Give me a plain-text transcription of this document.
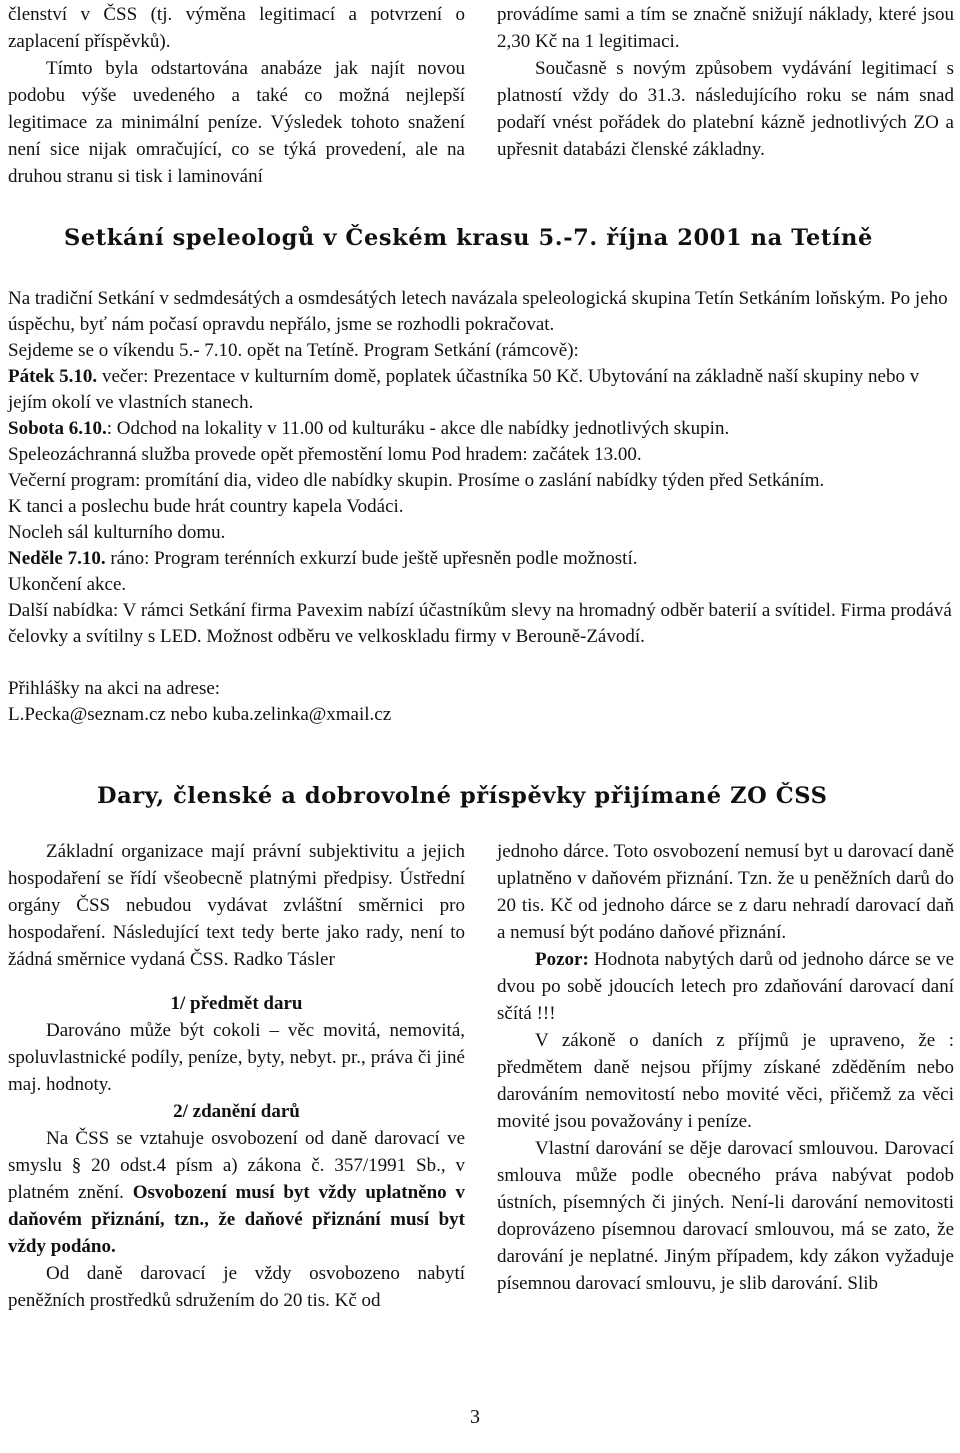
členství v ČSS (tj. výměna legitimací a potvrzení o zaplacení příspěvků).

Tímto byla odstartována anabáze jak najít novou podobu výše uvedeného a také co možná nejlepší legitimace za minimální peníze. Výsledek tohoto snažení není sice nijak omračující, co se týká provedení, ale na druhou stranu si tisk i laminování

provádíme sami a tím se značně snižují náklady, které jsou 2,30 Kč na 1 legitimaci.

Současně s novým způsobem vydávání legitimací s platností vždy do 31.3. následujícího roku se nám snad podaří vnést pořádek do platební kázně jednotlivých ZO a upřesnit databázi členské základny.

Setkání speleologů v Českém krasu 5.-7. října 2001 na Tetíně

Na tradiční Setkání v sedmdesátých a osmdesátých letech navázala speleologická skupina Tetín Setkáním loňským. Po jeho úspěchu, byť nám počasí opravdu nepřálo, jsme se rozhodli pokračovat.

Sejdeme se o víkendu 5.- 7.10. opět na Tetíně. Program Setkání (rámcově):

Pátek 5.10. večer: Prezentace v kulturním domě, poplatek účastníka 50 Kč. Ubytování na základně naší skupiny nebo v jejím okolí ve vlastních stanech.

Sobota 6.10.: Odchod na lokality v 11.00 od kulturáku - akce dle nabídky jednotlivých skupin.

Speleozáchranná služba provede opět přemostění lomu Pod hradem: začátek 13.00.

Večerní program: promítání dia, video dle nabídky skupin. Prosíme o zaslání nabídky týden před Setkáním.

K tanci a poslechu bude hrát country kapela Vodáci.

Nocleh sál kulturního domu.

Neděle 7.10. ráno: Program terénních exkurzí bude ještě upřesněn podle možností.

Ukončení akce.

Další nabídka: V rámci Setkání firma Pavexim nabízí účastníkům slevy na hromadný odběr baterií a svítidel. Firma prodává čelovky a svítilny s LED. Možnost odběru ve velkoskladu firmy v Berouně-Závodí.

Přihlášky na akci na adrese:

L.Pecka@seznam.cz nebo kuba.zelinka@xmail.cz

Dary, členské a dobrovolné příspěvky přijímané ZO ČSS

Základní organizace mají právní subjektivitu a jejich hospodaření se řídí všeobecně platnými předpisy. Ústřední orgány ČSS nebudou vydávat zvláštní směrnici pro hospodaření. Následující text tedy berte jako rady, není to žádná směrnice vydaná ČSS. Radko Tásler

1/ předmět daru

Darováno může být cokoli – věc movitá, nemovitá, spoluvlastnické podíly, peníze, byty, nebyt. pr., práva či jiné maj. hodnoty.

2/ zdanění darů

Na ČSS se vztahuje osvobození od daně darovací ve smyslu § 20 odst.4 písm a) zákona č. 357/1991 Sb., v platném znění. Osvobození musí byt vždy uplatněno v daňovém přiznání, tzn., že daňové přiznání musí byt vždy podáno.

Od daně darovací je vždy osvobozeno nabytí peněžních prostředků sdružením do 20 tis. Kč od

jednoho dárce. Toto osvobození nemusí byt u darovací daně uplatněno v daňovém přiznání. Tzn. že u peněžních darů do 20 tis. Kč od jednoho dárce se z daru nehradí darovací daň a nemusí být podáno daňové přiznání.

Pozor: Hodnota nabytých darů od jednoho dárce se ve dvou po sobě jdoucích letech pro zdaňování darovací daní sčítá !!!

V zákoně o daních z příjmů je upraveno, že : předmětem daně nejsou příjmy získané zděděním nebo darováním nemovitostí nebo movité věci, přičemž za věci movité jsou považovány i peníze.

Vlastní darování se děje darovací smlouvou. Darovací smlouva může podle obecného práva nabývat podob ústních, písemných či jiných. Není-li darování nemovitosti doprovázeno písemnou darovací smlouvou, má se zato, že darování je neplatné. Jiným případem, kdy zákon vyžaduje písemnou darovací smlouvu, je slib darování. Slib

3
